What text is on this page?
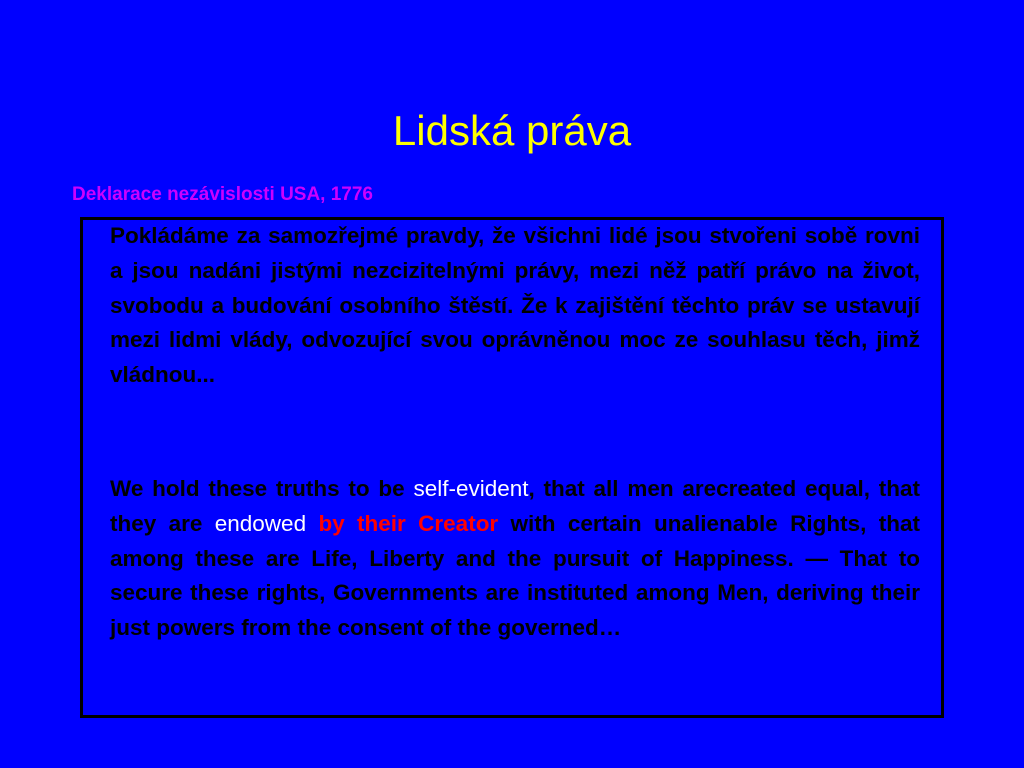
Lidská práva
Deklarace nezávislosti USA, 1776

Pokládáme za samozřejmé pravdy, že všichni lidé jsou stvořeni sobě rovni a jsou nadáni jistými nezcizitelnými právy, mezi něž patří právo na život, svobodu a budování osobního štěstí. Že k zajištění těchto práv se ustavují mezi lidmi vlády, odvozující svou oprávněnou moc ze souhlasu těch, jimž vládnou...

We hold these truths to be self-evident, that all men arecreated equal, that they are endowed by their Creator with certain unalienable Rights, that among these are Life, Liberty and the pursuit of Happiness. — That to secure these rights, Governments are instituted among Men, deriving their just powers from the consent of the governed…
